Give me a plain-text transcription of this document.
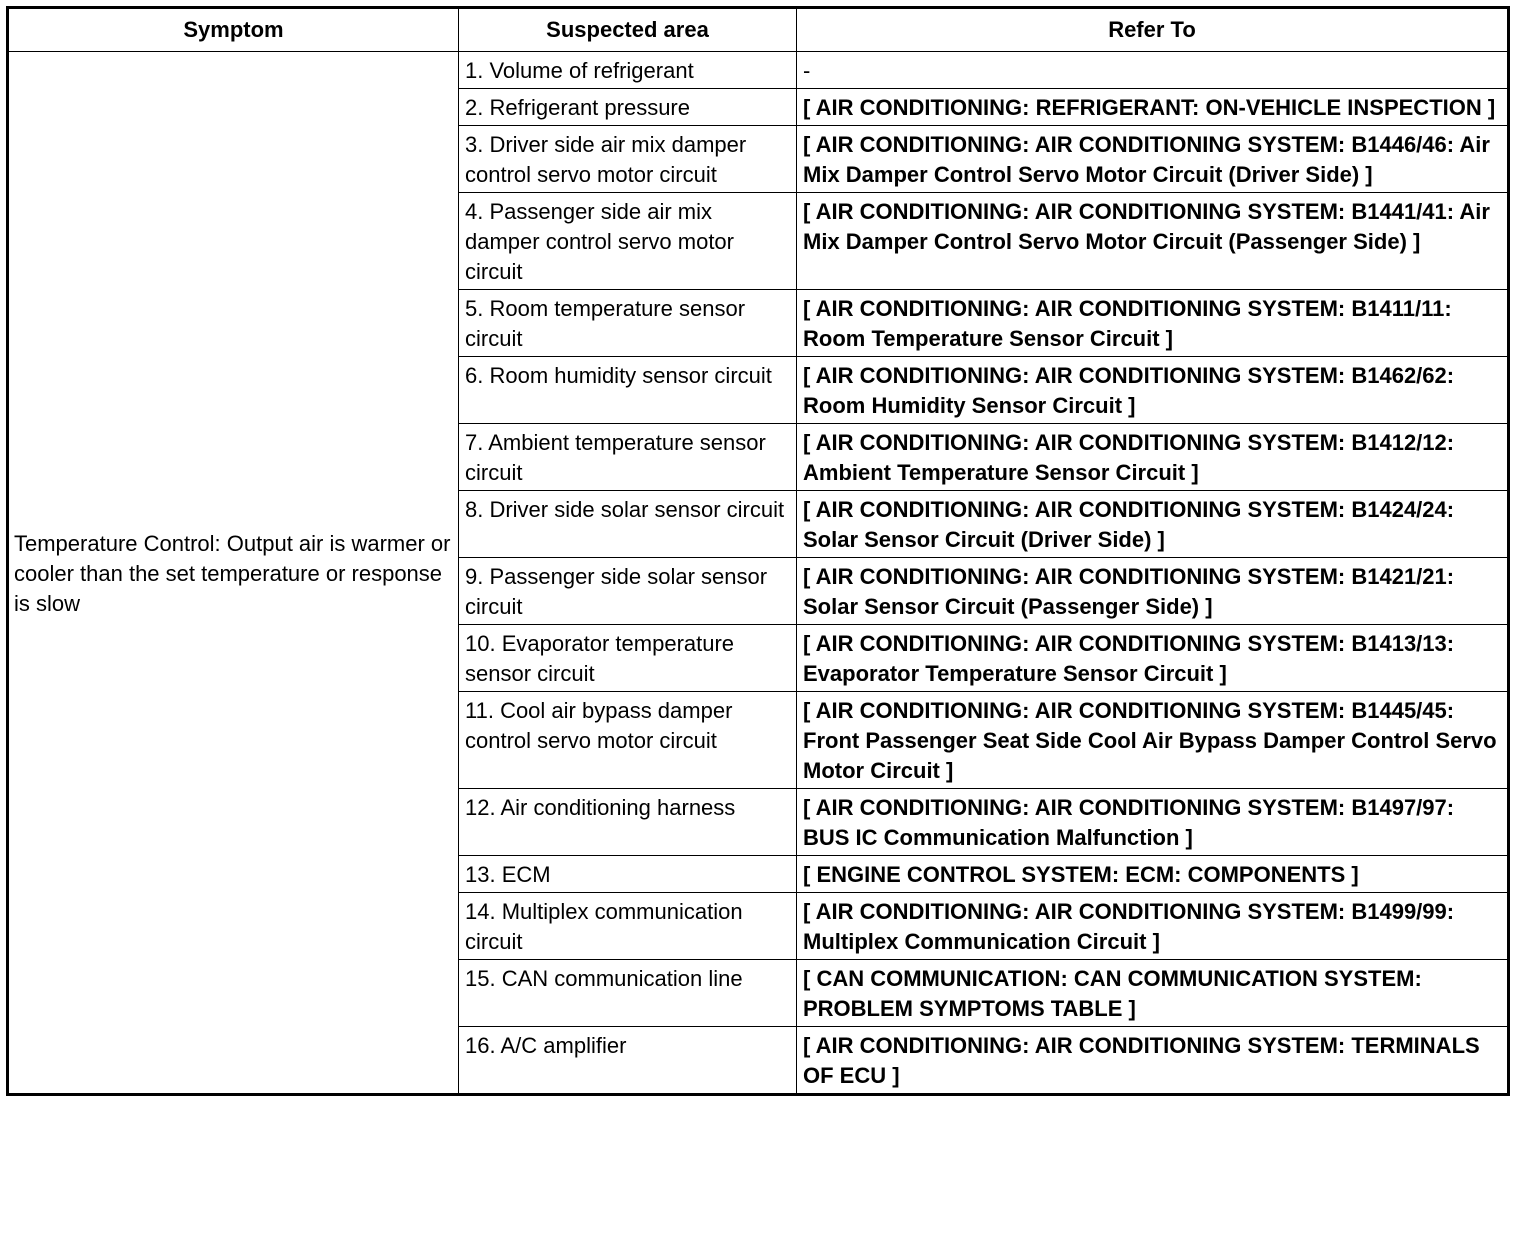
Symptom	Suspected area	Refer To
Temperature Control: Output air is warmer or cooler than the set temperature or response is slow	1. Volume of refrigerant	-
	2. Refrigerant pressure	[ AIR CONDITIONING: REFRIGERANT: ON-VEHICLE INSPECTION ]
	3. Driver side air mix damper control servo motor circuit	[ AIR CONDITIONING: AIR CONDITIONING SYSTEM: B1446/46: Air Mix Damper Control Servo Motor Circuit (Driver Side) ]
	4. Passenger side air mix damper control servo motor circuit	[ AIR CONDITIONING: AIR CONDITIONING SYSTEM: B1441/41: Air Mix Damper Control Servo Motor Circuit (Passenger Side) ]
	5. Room temperature sensor circuit	[ AIR CONDITIONING: AIR CONDITIONING SYSTEM: B1411/11: Room Temperature Sensor Circuit ]
	6. Room humidity sensor circuit	[ AIR CONDITIONING: AIR CONDITIONING SYSTEM: B1462/62: Room Humidity Sensor Circuit ]
	7. Ambient temperature sensor circuit	[ AIR CONDITIONING: AIR CONDITIONING SYSTEM: B1412/12: Ambient Temperature Sensor Circuit ]
	8. Driver side solar sensor circuit	[ AIR CONDITIONING: AIR CONDITIONING SYSTEM: B1424/24: Solar Sensor Circuit (Driver Side) ]
	9. Passenger side solar sensor circuit	[ AIR CONDITIONING: AIR CONDITIONING SYSTEM: B1421/21: Solar Sensor Circuit (Passenger Side) ]
	10. Evaporator temperature sensor circuit	[ AIR CONDITIONING: AIR CONDITIONING SYSTEM: B1413/13: Evaporator Temperature Sensor Circuit ]
	11. Cool air bypass damper control servo motor circuit	[ AIR CONDITIONING: AIR CONDITIONING SYSTEM: B1445/45: Front Passenger Seat Side Cool Air Bypass Damper Control Servo Motor Circuit ]
	12. Air conditioning harness	[ AIR CONDITIONING: AIR CONDITIONING SYSTEM: B1497/97: BUS IC Communication Malfunction ]
	13. ECM	[ ENGINE CONTROL SYSTEM: ECM: COMPONENTS ]
	14. Multiplex communication circuit	[ AIR CONDITIONING: AIR CONDITIONING SYSTEM: B1499/99: Multiplex Communication Circuit ]
	15. CAN communication line	[ CAN COMMUNICATION: CAN COMMUNICATION SYSTEM: PROBLEM SYMPTOMS TABLE ]
	16. A/C amplifier	[ AIR CONDITIONING: AIR CONDITIONING SYSTEM: TERMINALS OF ECU ]
